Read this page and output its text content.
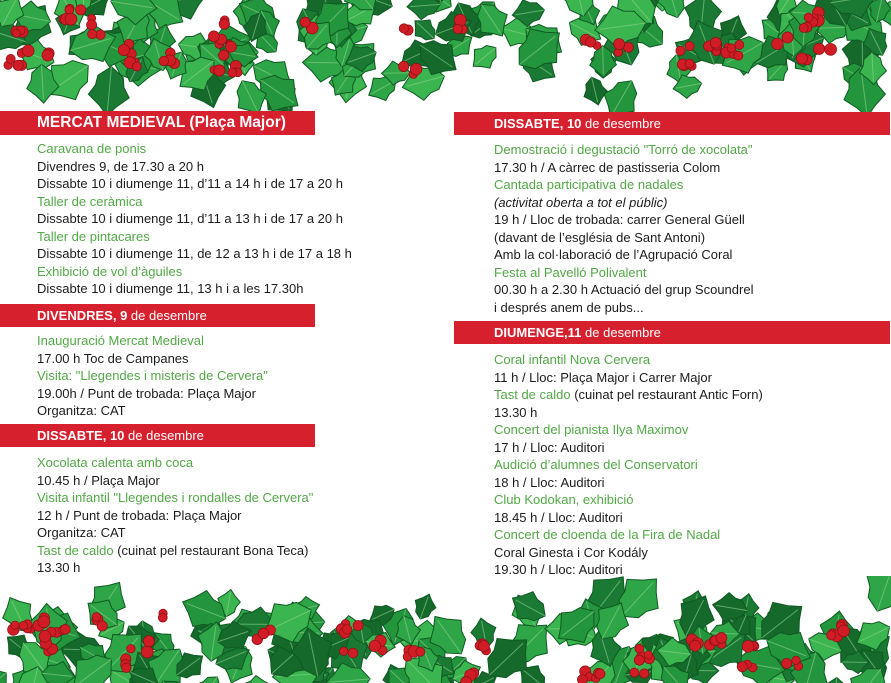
MERCAT MEDIEVAL (Plaça Major)
Caravana de ponis
Divendres 9, de 17.30 a 20 h
Dissabte 10 i diumenge 11, d’11 a 14 h i de 17 a 20 h
Taller de ceràmica
Dissabte 10 i diumenge 11, d’11 a 13 h i de 17 a 20 h
Taller de pintacares
Dissabte 10 i diumenge 11, de 12 a 13 h i de 17 a 18 h
Exhibició de vol d’àguiles
Dissabte 10 i diumenge 11, 13 h i a les 17.30h
DIVENDRES, 9 de desembre
Inauguració Mercat Medieval
17.00 h Toc de Campanes
Visita: "Llegendes i misteris de Cervera"
19.00h / Punt de trobada: Plaça Major
Organitza: CAT
DISSABTE, 10 de desembre
Xocolata calenta amb coca
10.45 h / Plaça Major
Visita infantil "Llegendes i rondalles de Cervera"
12 h / Punt de trobada: Plaça Major
Organitza: CAT
Tast de caldo (cuinat pel restaurant Bona Teca)
13.30 h
DISSABTE, 10 de desembre
Demostració i degustació "Torró de xocolata"
17.30 h / A càrrec de pastisseria Colom
Cantada participativa de nadales
(activitat oberta a tot el públic)
19 h / Lloc de trobada: carrer General Güell
(davant de l’església de Sant Antoni)
Amb la col·laboració de l’Agrupació Coral
Festa al Pavelló Polivalent
00.30 h a 2.30 h Actuació del grup Scoundrel
i després anem de pubs...
DIUMENGE,11 de desembre
Coral infantil Nova Cervera
11 h / Lloc: Plaça Major i Carrer Major
Tast de caldo (cuinat pel restaurant Antic Forn)
13.30 h
Concert del pianista Ilya Maximov
17 h / Lloc: Auditori
Audició d’alumnes del Conservatori
18 h / Lloc: Auditori
Club Kodokan, exhibició
18.45 h / Lloc: Auditori
Concert de cloenda de la Fira de Nadal
Coral Ginesta i Cor Kodály
19.30 h / Lloc: Auditori
